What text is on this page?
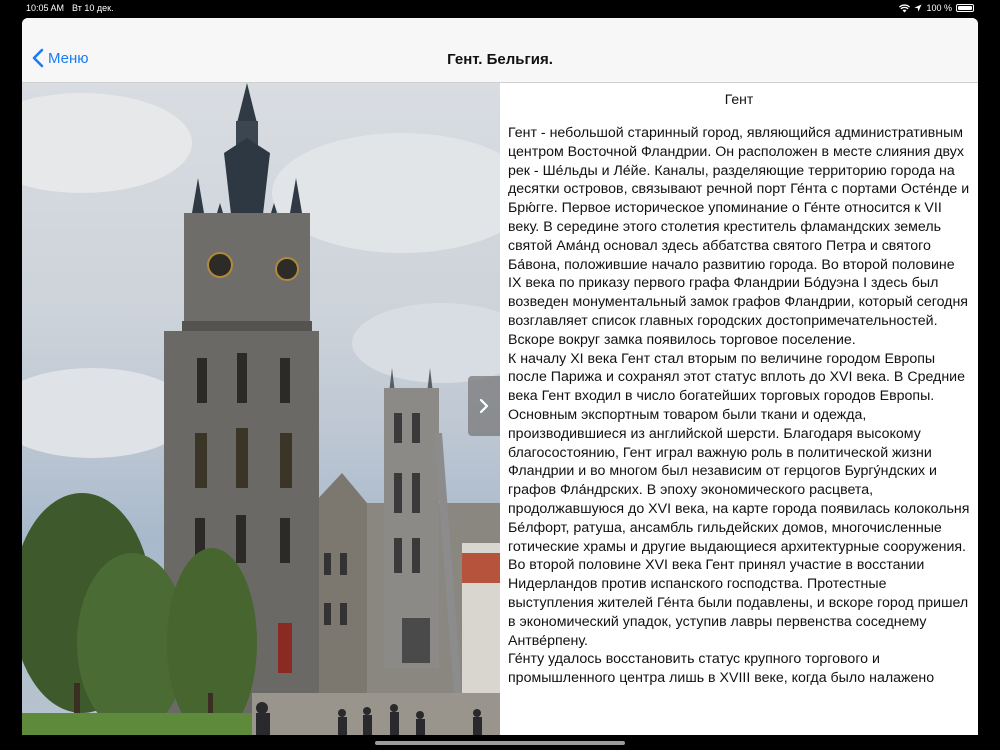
10:05 AM Вт 10 дек.	100 %
Меню	Гент. Бельгия.
Гент
Гент - небольшой старинный город, являющийся административным центром Восточной Фландрии. Он расположен в месте слияния двух рек - Ше́льды и Ле́йе. Каналы, разделяющие территорию города на десятки островов, связывают речной порт Ге́нта с портами Осте́нде и Брю́гге. Первое историческое упоминание о Ге́нте относится к VII веку. В середине этого столетия креститель фламандских земель святой Ама́нд основал здесь аббатства святого Петра и святого Ба́вона, положившие начало развитию города. Во второй половине IX века по приказу первого графа Фландрии Бо́дуэна I здесь был возведен монументальный замок графов Фландрии, который сегодня возглавляет список главных городских достопримечательностей. Вскоре вокруг замка появилось торговое поселение.
К началу XI века Гент стал вторым по величине городом Европы после Парижа и сохранял этот статус вплоть до XVI века. В Средние века Гент входил в число богатейших торговых городов Европы. Основным экспортным товаром были ткани и одежда, производившиеся из английской шерсти. Благодаря высокому благосостоянию, Гент играл важную роль в политической жизни Фландрии и во многом был независим от герцогов Бургу́ндских и графов Фла́ндрских. В эпоху экономического расцвета, продолжавшуюся до XVI века, на карте города появилась колокольня Бе́лфорт, ратуша, ансамбль гильдейских домов, многочисленные готические храмы и другие выдающиеся архитектурные сооружения.
Во второй половине XVI века Гент принял участие в восстании Нидерландов против испанского господства. Протестные выступления жителей Ге́нта были подавлены, и вскоре город пришел в экономический упадок, уступив лавры первенства соседнему Антве́рпену.
Ге́нту удалось восстановить статус крупного торгового и промышленного центра лишь в XVIII веке, когда было налажено
